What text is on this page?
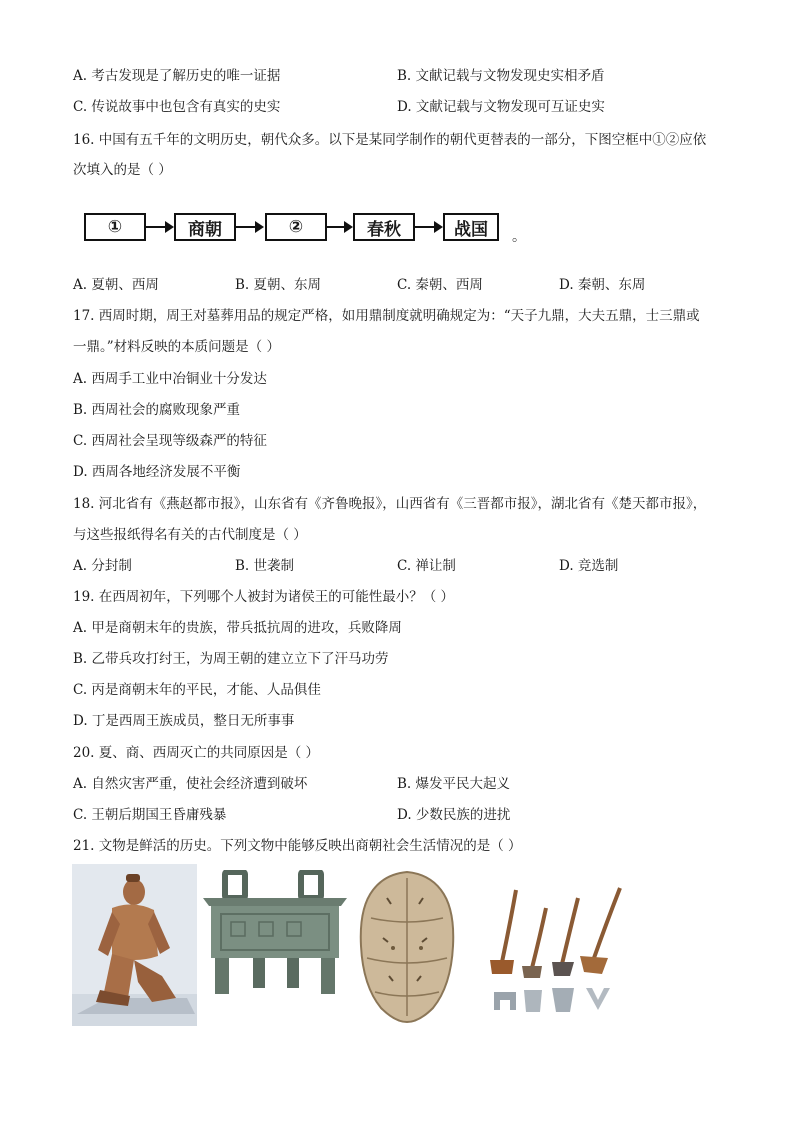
A. 考古发现是了解历史的唯一证据	B. 文献记载与文物发现史实相矛盾
C. 传说故事中也包含有真实的史实	D. 文献记载与文物发现可互证史实
16. 中国有五千年的文明历史，朝代众多。以下是某同学制作的朝代更替表的一部分，下图空框中①②应依
次填入的是（ ）
①	商朝	②	春秋	战国	。
A. 夏朝、西周	B. 夏朝、东周	C. 秦朝、西周	D. 秦朝、东周
17. 西周时期，周王对墓葬用品的规定严格，如用鼎制度就明确规定为：“天子九鼎，大夫五鼎，士三鼎或
一鼎。”材料反映的本质问题是（ ）
A. 西周手工业中冶铜业十分发达
B. 西周社会的腐败现象严重
C. 西周社会呈现等级森严的特征
D. 西周各地经济发展不平衡
18. 河北省有《燕赵都市报》，山东省有《齐鲁晚报》，山西省有《三晋都市报》，湖北省有《楚天都市报》，
与这些报纸得名有关的古代制度是（ ）
A. 分封制	B. 世袭制	C. 禅让制	D. 竞选制
19. 在西周初年，下列哪个人被封为诸侯王的可能性最小？（ ）
A. 甲是商朝末年的贵族，带兵抵抗周的进攻，兵败降周
B. 乙带兵攻打纣王，为周王朝的建立立下了汗马功劳
C. 丙是商朝末年的平民，才能、人品俱佳
D. 丁是西周王族成员，整日无所事事
20. 夏、商、西周灭亡的共同原因是（ ）
A. 自然灾害严重，使社会经济遭到破坏	B. 爆发平民大起义
C. 王朝后期国王昏庸残暴	D. 少数民族的进扰
21. 文物是鲜活的历史。下列文物中能够反映出商朝社会生活情况的是（ ）
